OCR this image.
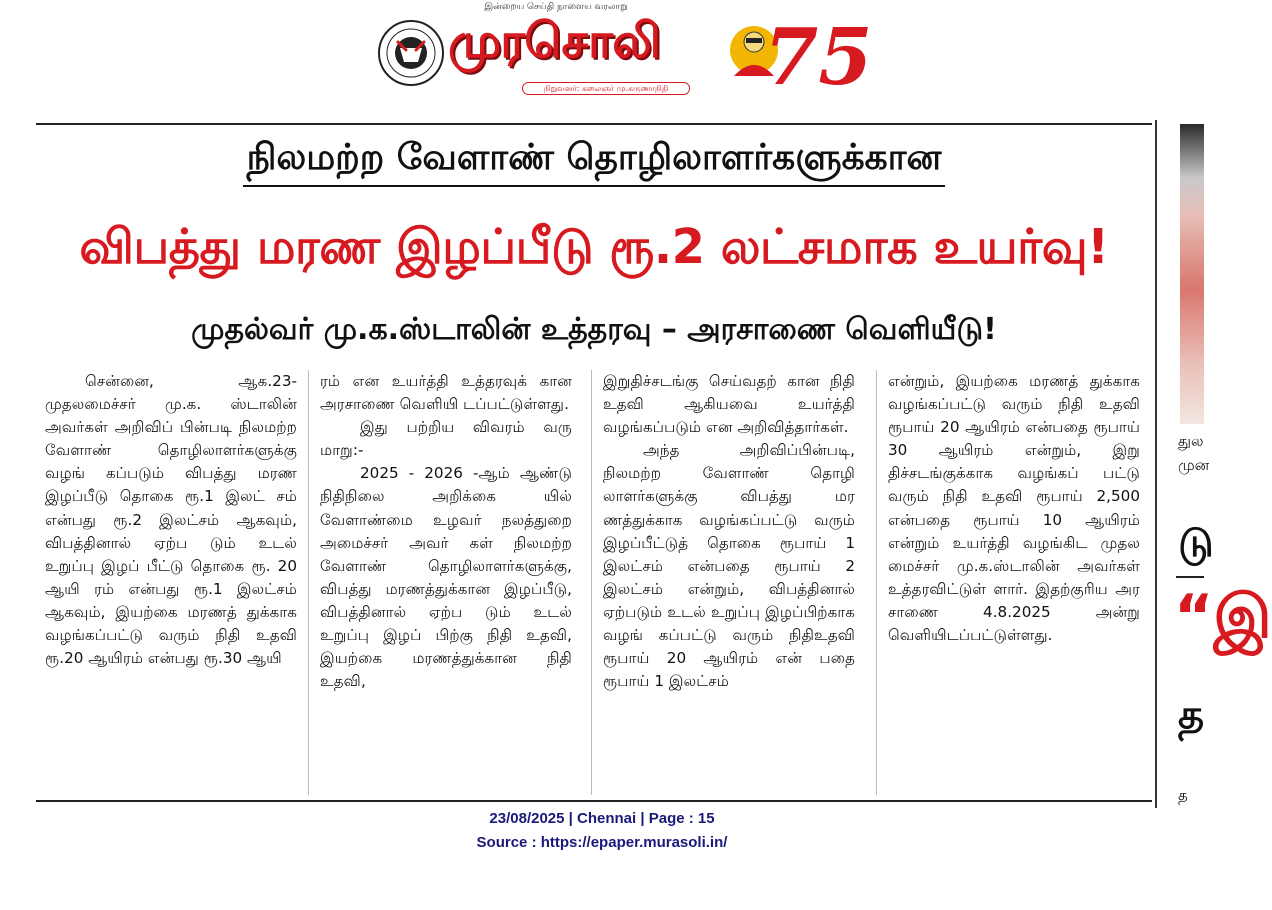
இன்றைய செய்தி நாளைய வரலாறு
முரசொலி
நிறுவனர்: கலைஞர் மு.கருணாநிதி 75
நிலமற்ற வேளாண் தொழிலாளர்களுக்கான
விபத்து மரண இழப்பீடு ரூ.2 லட்சமாக உயர்வு!
முதல்வர் மு.க.ஸ்டாலின் உத்தரவு – அரசாணை வெளியீடு!

சென்னை, ஆக.23- முதலமைச்சர் மு.க. ஸ்டாலின் அவர்கள் அறிவிப் பின்படி நிலமற்ற வேளாண் தொழிலாளர்களுக்கு வழங் கப்படும் விபத்து மரண இழப்பீடு தொகை ரூ.1 இலட் சம் என்பது ரூ.2 இலட்சம் ஆகவும், விபத்தினால் ஏற்ப டும் உடல் உறுப்பு இழப் பீட்டு தொகை ரூ. 20 ஆயி ரம் என்பது ரூ.1 இலட்சம் ஆகவும், இயற்கை மரணத் துக்காக வழங்கப்பட்டு வரும் நிதி உதவி ரூ.20 ஆயிரம் என்பது ரூ.30 ஆயி

ரம் என உயர்த்தி உத்தரவுக் கான அரசாணை வெளியி டப்பட்டுள்ளது.

இது பற்றிய விவரம் வரு மாறு:-

2025 - 2026 -ஆம் ஆண்டு நிதிநிலை அறிக்கை யில் வேளாண்மை உழவர் நலத்துறை அமைச்சர் அவர் கள் நிலமற்ற வேளாண் தொழிலாளர்களுக்கு, விபத்து மரணத்துக்கான இழப்பீடு, விபத்தினால் ஏற்ப டும் உடல் உறுப்பு இழப் பிற்கு நிதி உதவி, இயற்கை மரணத்துக்கான நிதி உதவி,

இறுதிச்சடங்கு செய்வதற் கான நிதி உதவி ஆகியவை உயர்த்தி வழங்கப்படும் என அறிவித்தார்கள்.

அந்த அறிவிப்பின்படி, நிலமற்ற வேளாண் தொழி லாளர்களுக்கு விபத்து மர ணத்துக்காக வழங்கப்பட்டு வரும் இழப்பீட்டுத் தொகை ரூபாய் 1 இலட்சம் என்பதை ரூபாய் 2 இலட்சம் என்றும், விபத்தினால் ஏற்படும் உடல் உறுப்பு இழப்பிற்காக வழங் கப்பட்டு வரும் நிதிஉதவி ரூபாய் 20 ஆயிரம் என் பதை ரூபாய் 1 இலட்சம்

என்றும், இயற்கை மரணத் துக்காக வழங்கப்பட்டு வரும் நிதி உதவி ரூபாய் 20 ஆயிரம் என்பதை ரூபாய் 30 ஆயிரம் என்றும், இறு திச்சடங்குக்காக வழங்கப் பட்டு வரும் நிதி உதவி ரூபாய் 2,500 என்பதை ரூபாய் 10 ஆயிரம் என்றும் உயர்த்தி வழங்கிட முதல மைச்சர் மு.க.ஸ்டாலின் அவர்கள் உத்தரவிட்டுள் ளார். இதற்குரிய அர சாணை 4.8.2025 அன்று வெளியிடப்பட்டுள்ளது.

துல
முன
டு
“இ
த
த
23/08/2025 | Chennai | Page : 15
Source : https://epaper.murasoli.in/
